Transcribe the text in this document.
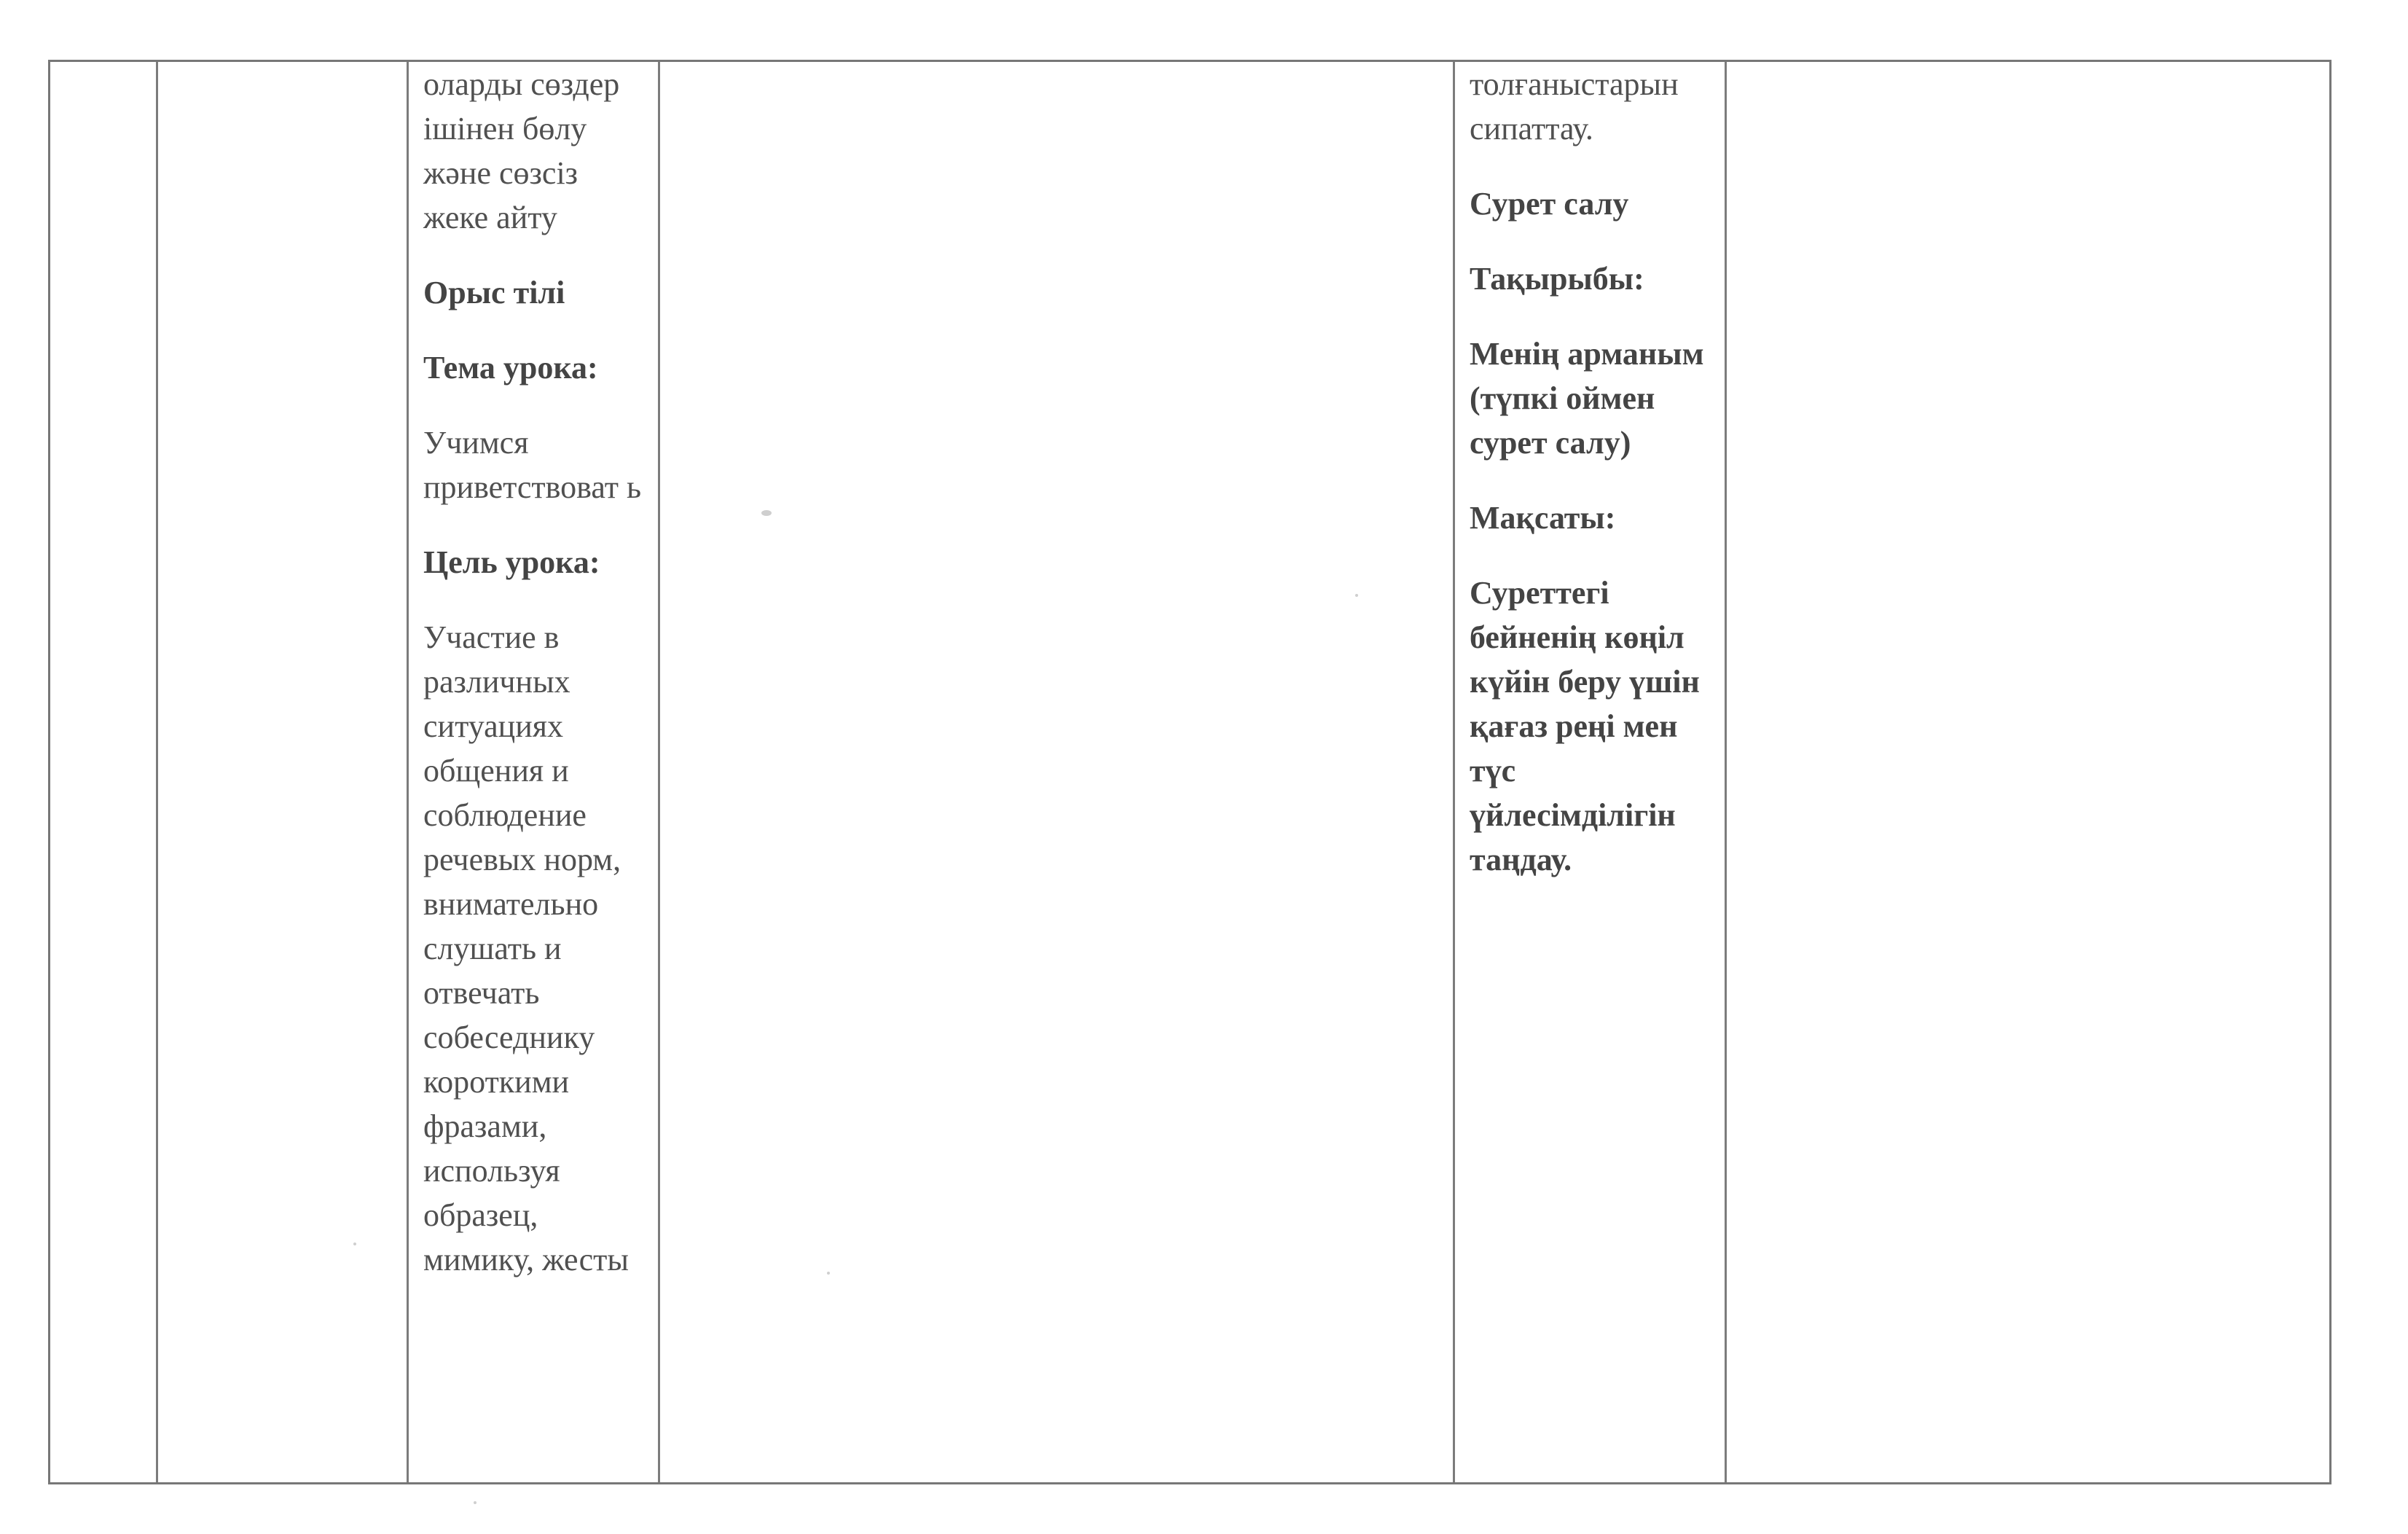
оларды сөздер ішінен бөлу және сөзсіз жеке айту

Орыс тілі

Тема урока:

Учимся приветствоват ь

Цель урока:

Участие в различных ситуациях общения и соблюдение речевых норм, внимательно слушать и отвечать собеседнику короткими фразами, используя образец, мимику, жесты

толғаныстарын сипаттау.

Сурет салу

Тақырыбы:

Менің арманым (түпкі оймен сурет салу)

Мақсаты:

Суреттегі бейненің көңіл күйін беру үшін қағаз реңі мен түс үйлесімділігін таңдау.
